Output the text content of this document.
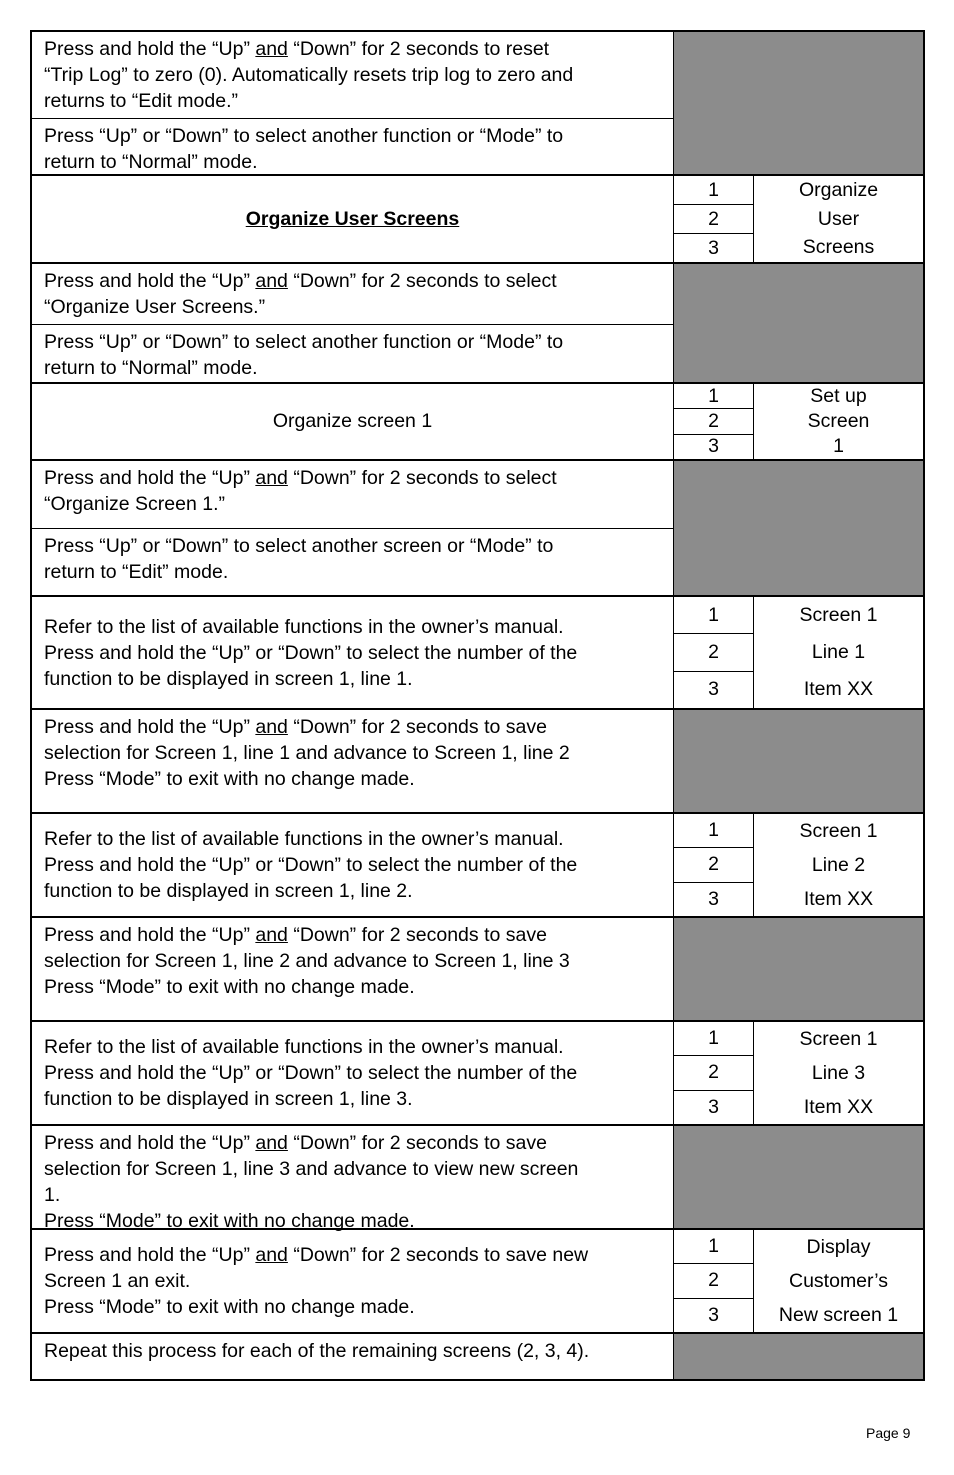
Press and hold the “Up” and “Down” for 2 seconds to reset
“Trip Log” to zero (0). Automatically resets trip log to zero and
returns to “Edit mode.”
Press “Up” or “Down” to select another function or “Mode” to
return to “Normal” mode.
Organize User Screens
1
2
3
Organize
User
Screens
Press and hold the “Up” and “Down” for 2 seconds to select
“Organize User Screens.”
Press “Up” or “Down” to select another function or “Mode” to
return to “Normal” mode.
Organize screen 1
1
2
3
Set up
Screen
1
Press and hold the “Up” and “Down” for 2 seconds to select
“Organize Screen 1.”
Press “Up” or “Down” to select another screen or “Mode” to
return to “Edit” mode.
Refer to the list of available functions in the owner’s manual.
Press and hold the “Up” or “Down” to select the number of the
function to be displayed in screen 1, line 1.
1
2
3
Screen 1
Line 1
Item XX
Press and hold the “Up” and “Down” for 2 seconds to save
selection for Screen 1, line 1 and advance to Screen 1, line 2
Press “Mode” to exit with no change made.
Refer to the list of available functions in the owner’s manual.
Press and hold the “Up” or “Down” to select the number of the
function to be displayed in screen 1, line 2.
1
2
3
Screen 1
Line 2
Item XX
Press and hold the “Up” and “Down” for 2 seconds to save
selection for Screen 1, line 2 and advance to Screen 1, line 3
Press “Mode” to exit with no change made.
Refer to the list of available functions in the owner’s manual.
Press and hold the “Up” or “Down” to select the number of the
function to be displayed in screen 1, line 3.
1
2
3
Screen 1
Line 3
Item XX
Press and hold the “Up” and “Down” for 2 seconds to save
selection for Screen 1, line 3 and advance to view new screen
1.
Press “Mode” to exit with no change made.
Press and hold the “Up” and “Down” for 2 seconds to save new
Screen 1 an exit.
Press “Mode” to exit with no change made.
1
2
3
Display
Customer’s
New screen 1
Repeat this process for each of the remaining screens (2, 3, 4).
Page 9
